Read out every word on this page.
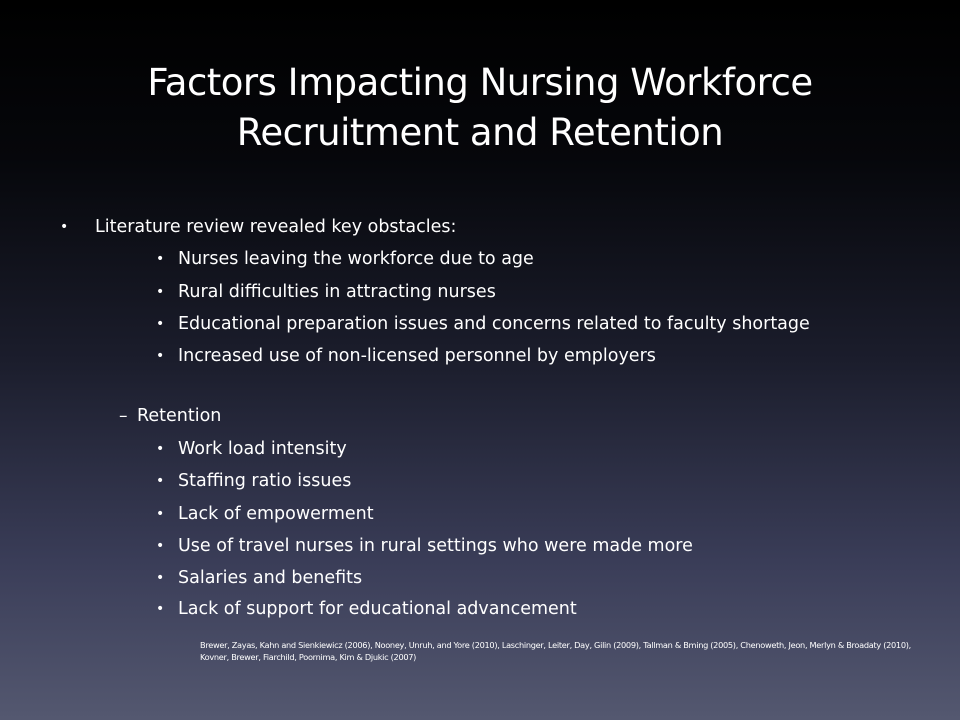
Factors Impacting Nursing Workforce
Recruitment and Retention
• Literature review revealed key obstacles:
• Nurses leaving the workforce due to age
• Rural difficulties in attracting nurses
• Educational preparation issues and concerns related to faculty shortage
• Increased use of non-licensed personnel by employers
– Retention
• Work load intensity
• Staffing ratio issues
• Lack of empowerment
• Use of travel nurses in rural settings who were made more
• Salaries and benefits
• Lack of support for educational advancement
Brewer, Zayas, Kahn and Sienkiewicz (2006), Nooney, Unruh, and Yore (2010), Laschinger, Leiter, Day, Gilin (2009), Tallman & Bming (2005), Chenoweth, Jeon, Merlyn & Broadaty (2010), Kovner, Brewer, Fiarchild, Poornima, Kim & Djukic (2007)
